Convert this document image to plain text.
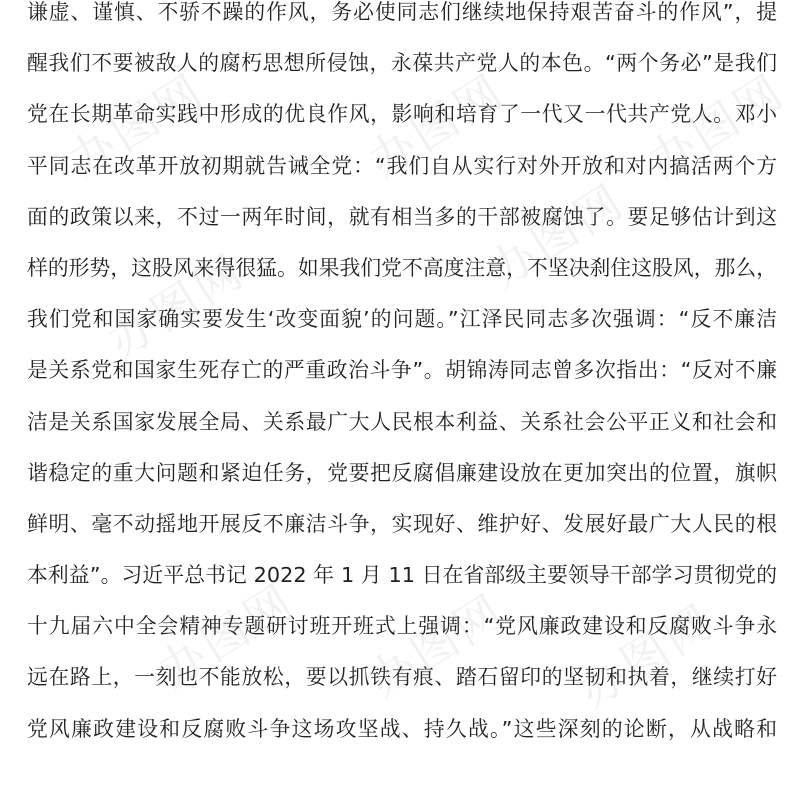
办图网	办图网	办图网
办图网
办图网
办图网 办图网 办图网
谦虚、谨慎、不骄不躁的作风，务必使同志们继续地保持艰苦奋斗的作风”，提
醒我们不要被敌人的腐朽思想所侵蚀，永葆共产党人的本色。“两个务必”是我们
党在长期革命实践中形成的优良作风，影响和培育了一代又一代共产党人。邓小
平同志在改革开放初期就告诫全党：“我们自从实行对外开放和对内搞活两个方
面的政策以来，不过一两年时间，就有相当多的干部被腐蚀了。要足够估计到这
样的形势，这股风来得很猛。如果我们党不高度注意，不坚决刹住这股风，那么，
我们党和国家确实要发生‘改变面貌’的问题。”江泽民同志多次强调：“反不廉洁
是关系党和国家生死存亡的严重政治斗争”。胡锦涛同志曾多次指出：“反对不廉
洁是关系国家发展全局、关系最广大人民根本利益、关系社会公平正义和社会和
谐稳定的重大问题和紧迫任务，党要把反腐倡廉建设放在更加突出的位置，旗帜
鲜明、毫不动摇地开展反不廉洁斗争，实现好、维护好、发展好最广大人民的根
本利益”。习近平总书记 2022 年 1 月 11 日在省部级主要领导干部学习贯彻党的
十九届六中全会精神专题研讨班开班式上强调：“党风廉政建设和反腐败斗争永
远在路上，一刻也不能放松，要以抓铁有痕、踏石留印的坚韧和执着，继续打好
党风廉政建设和反腐败斗争这场攻坚战、持久战。”这些深刻的论断，从战略和
